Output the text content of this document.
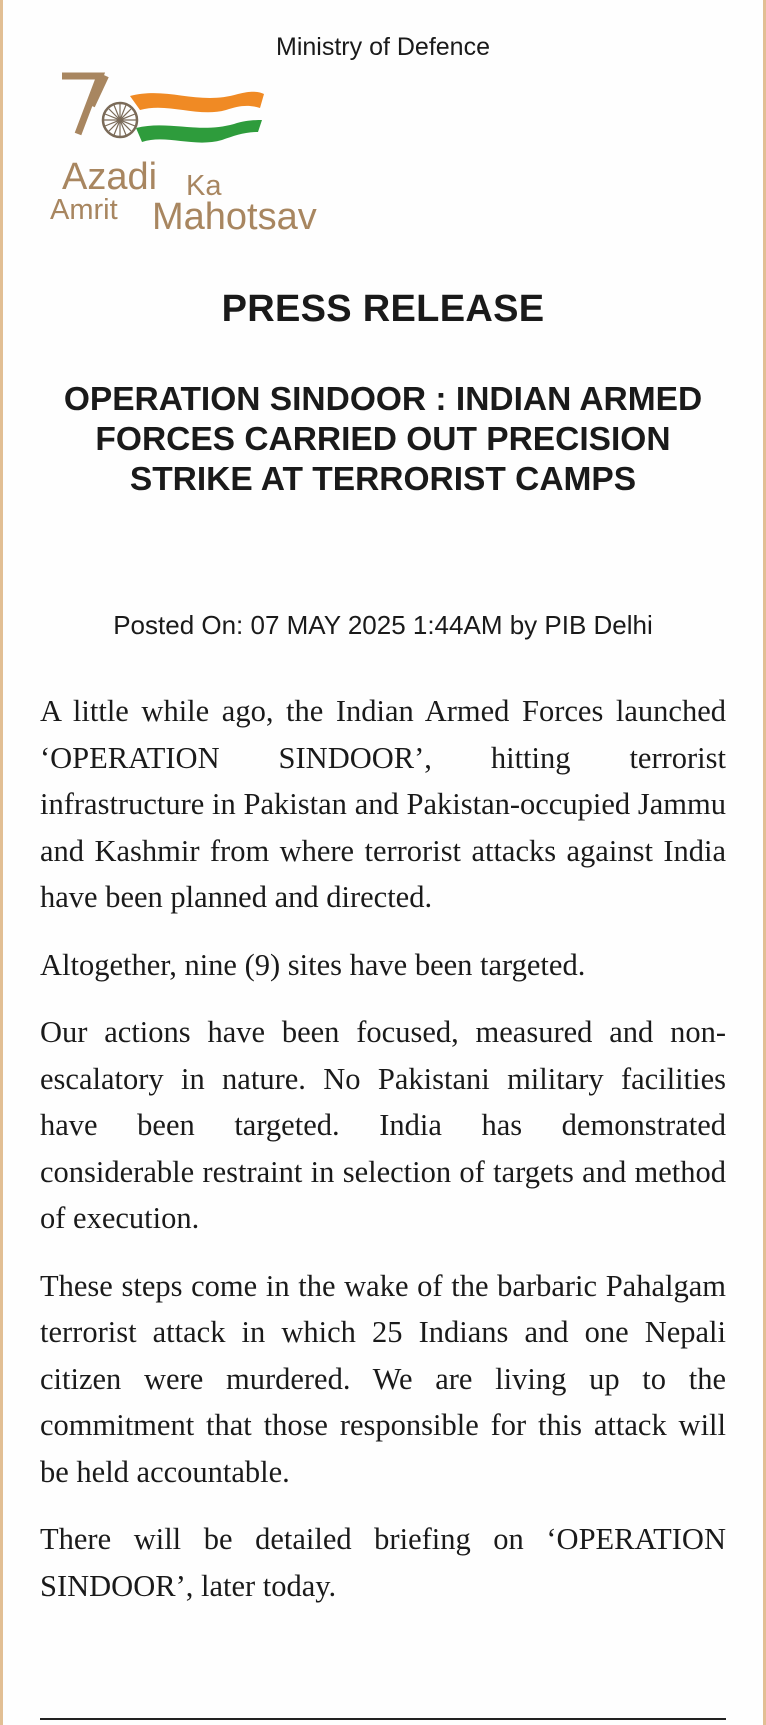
Ministry of Defence
Azadi Ka
Amrit Mahotsav
PRESS RELEASE
OPERATION SINDOOR : INDIAN ARMED FORCES CARRIED OUT PRECISION STRIKE AT TERRORIST CAMPS
Posted On: 07 MAY 2025 1:44AM by PIB Delhi

A little while ago, the Indian Armed Forces launched ‘OPERATION SINDOOR’, hitting terrorist infrastructure in Pakistan and Pakistan-occupied Jammu and Kashmir from where terrorist attacks against India have been planned and directed.

Altogether, nine (9) sites have been targeted.

Our actions have been focused, measured and non-escalatory in nature. No Pakistani military facilities have been targeted. India has demonstrated considerable restraint in selection of targets and method of execution.

These steps come in the wake of the barbaric Pahalgam terrorist attack in which 25 Indians and one Nepali citizen were murdered. We are living up to the commitment that those responsible for this attack will be held accountable.

There will be detailed briefing on ‘OPERATION SINDOOR’, later today.
